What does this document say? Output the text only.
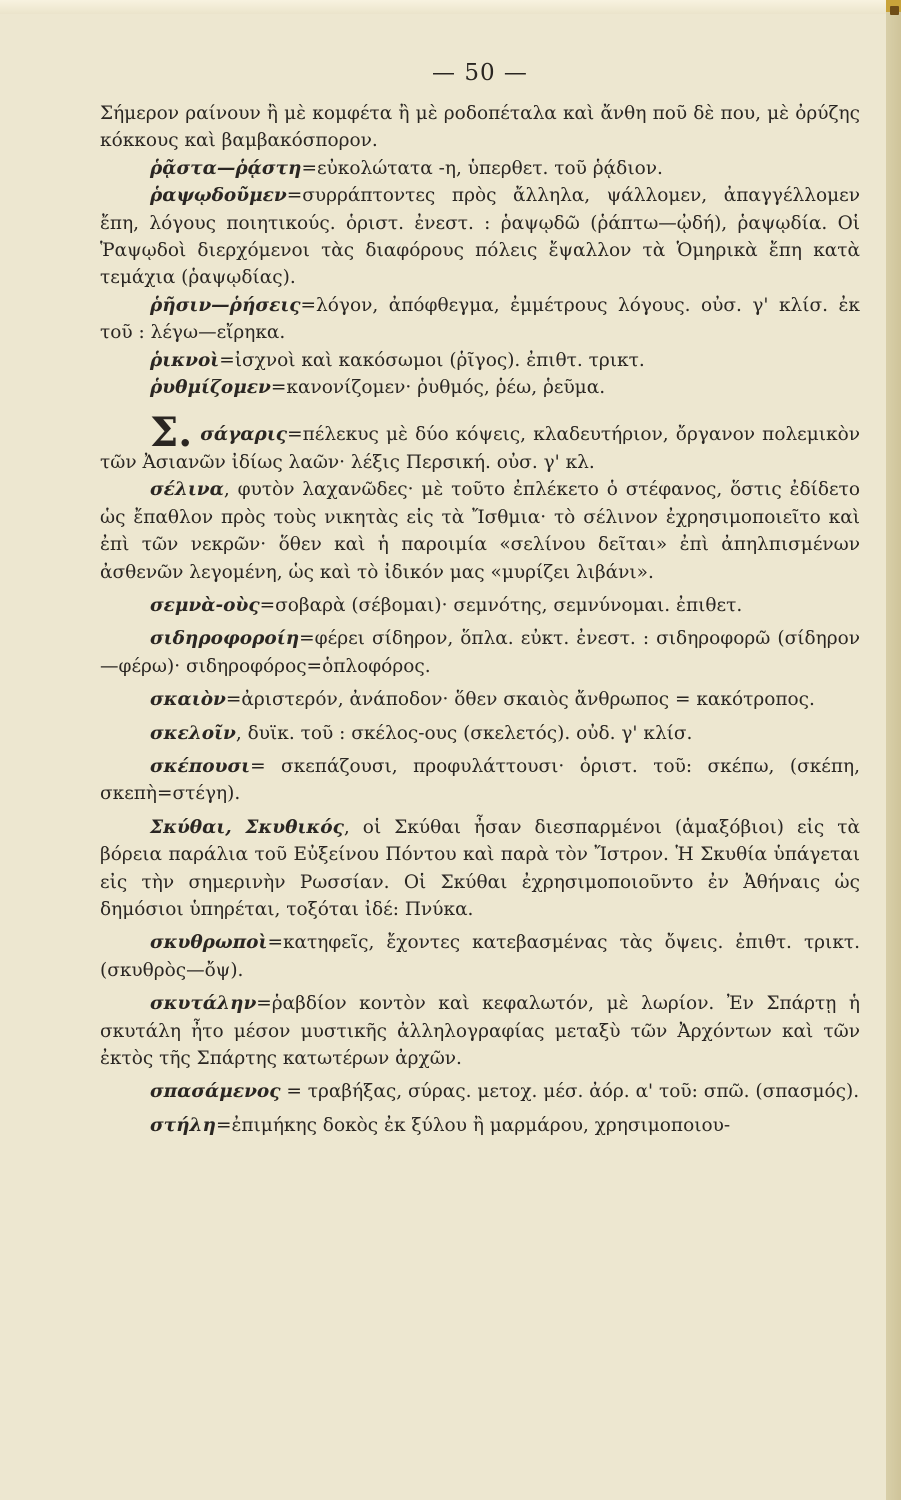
— 50 —

Σήμερον ραίνουν ἢ μὲ κομφέτα ἢ μὲ ροδοπέταλα καὶ ἄνθη ποῦ δὲ που, μὲ ὀρύζης κόκκους καὶ βαμβακόσπορον.

ῥᾷστα—ῥᾴστη=εὐκολώτατα -η, ὑπερθετ. τοῦ ῥᾴδιον.

ῥαψῳδοῦμεν=συρράπτοντες πρὸς ἄλληλα, ψάλλομεν, ἀπαγγέλλομεν ἔπη, λόγους ποιητικούς. ὁριστ. ἐνεστ. : ῥαψῳδῶ (ῥάπτω—ᾠδή), ῥαψῳδία. Οἱ Ῥαψῳδοὶ διερχόμενοι τὰς διαφόρους πόλεις ἔψαλλον τὰ Ὁμηρικὰ ἔπη κατὰ τεμάχια (ῥαψῳδίας).

ῥῆσιν—ῥήσεις=λόγον, ἀπόφθεγμα, ἐμμέτρους λόγους. οὐσ. γ' κλίσ. ἐκ τοῦ : λέγω—εἴρηκα.

ῥικνοὶ=ἰσχνοὶ καὶ κακόσωμοι (ῥῖγος). ἐπιθτ. τρικτ.

ῥυθμίζομεν=κανονίζομεν· ῥυθμός, ῥέω, ῥεῦμα.

Σ. σάγαρις=πέλεκυς μὲ δύο κόψεις, κλαδευτήριον, ὄργανον πολεμικὸν τῶν Ἀσιανῶν ἰδίως λαῶν· λέξις Περσική. οὐσ. γ' κλ.

σέλινα, φυτὸν λαχανῶδες· μὲ τοῦτο ἐπλέκετο ὁ στέφανος, ὅστις ἐδίδετο ὡς ἔπαθλον πρὸς τοὺς νικητὰς εἰς τὰ Ἴσθμια· τὸ σέλινον ἐχρησιμοποιεῖτο καὶ ἐπὶ τῶν νεκρῶν· ὅθεν καὶ ἡ παροιμία «σελίνου δεῖται» ἐπὶ ἀπηλπισμένων ἀσθενῶν λεγομένη, ὡς καὶ τὸ ἰδικόν μας «μυρίζει λιβάνι».

σεμνὰ-οὺς=σοβαρὰ (σέβομαι)· σεμνότης, σεμνύνομαι. ἐπιθετ.

σιδηροφοροίη=φέρει σίδηρον, ὅπλα. εὐκτ. ἐνεστ. : σιδηροφορῶ (σίδηρον—φέρω)· σιδηροφόρος=ὁπλοφόρος.

σκαιὸν=ἀριστερόν, ἀνάποδον· ὅθεν σκαιὸς ἄνθρωπος = κακότροπος.

σκελοῖν, δυϊκ. τοῦ : σκέλος-ους (σκελετός). οὐδ. γ' κλίσ.

σκέπουσι= σκεπάζουσι, προφυλάττουσι· ὁριστ. τοῦ: σκέπω, (σκέπη, σκεπὴ=στέγη).

Σκύθαι, Σκυθικός, οἱ Σκύθαι ἦσαν διεσπαρμένοι (ἁμαξόβιοι) εἰς τὰ βόρεια παράλια τοῦ Εὐξείνου Πόντου καὶ παρὰ τὸν Ἴστρον. Ἡ Σκυθία ὑπάγεται εἰς τὴν σημερινὴν Ρωσσίαν. Οἱ Σκύθαι ἐχρησιμοποιοῦντο ἐν Ἀθήναις ὡς δημόσιοι ὑπηρέται, τοξόται ἰδέ: Πνύκα.

σκυθρωποὶ=κατηφεῖς, ἔχοντες κατεβασμένας τὰς ὄψεις. ἐπιθτ. τρικτ. (σκυθρὸς—ὄψ).

σκυτάλην=ῥαβδίον κοντὸν καὶ κεφαλωτόν, μὲ λωρίον. Ἐν Σπάρτῃ ἡ σκυτάλη ἦτο μέσον μυστικῆς ἀλληλογραφίας μεταξὺ τῶν Ἀρχόντων καὶ τῶν ἐκτὸς τῆς Σπάρτης κατωτέρων ἀρχῶν.

σπασάμενος = τραβήξας, σύρας. μετοχ. μέσ. ἀόρ. α' τοῦ: σπῶ. (σπασμός).

στήλη=ἐπιμήκης δοκὸς ἐκ ξύλου ἢ μαρμάρου, χρησιμοποιου-
